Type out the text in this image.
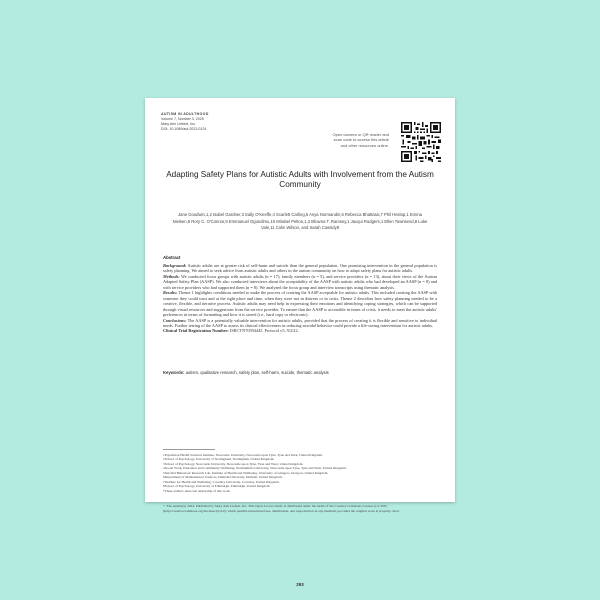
AUTISM IN ADULTHOOD
Volume 7, Number 3, 2025
Mary Ann Liebert, Inc.
DOI: 10.1089/aut.2023.0124
Open camera or QR reader and scan code to access this article and other resources online.
Adapting Safety Plans for Autistic Adults with Involvement from the Autism Community
Jane Goodwin,1,2 Isabel Gardner,3 Sally O'Keeffe,4 Scarlett Carling,5 Anya Normandin,6 Rebecca Bhattarai,7 Phil Heslop,1 Emma Nielsen,8 Rory C. O'Connor,9 Emmanuel Ogundimu,10 Mirabel Pelton,1,3 Bhavna T. Ramsey,1 Jacqui Rodgers,1 Ellen Townsend,8 Luke Vale,11 Colin Wilson, and Sarah Cassidy8
Abstract

Background: Autistic adults are at greater risk of self-harm and suicide than the general population. One promising intervention in the general population is safety planning. We aimed to seek advice from autistic adults and others in the autism community on how to adapt safety plans for autistic adults.

Methods: We conducted focus groups with autistic adults (n = 17), family members (n = 5), and service providers (n = 13), about their views of the Autism Adapted Safety Plan (AASP). We also conducted interviews about the acceptability of the AASP with autistic adults who had developed an AASP (n = 8) and with service providers who had supported them (n = 8). We analyzed the focus group and interview transcripts using thematic analysis.

Results: Theme 1 highlights conditions needed to make the process of creating the AASP acceptable for autistic adults. This included creating the AASP with someone they could trust and at the right place and time, when they were not in distress or in crisis. Theme 2 describes how safety planning needed to be a creative, flexible, and iterative process. Autistic adults may need help in expressing their emotions and identifying coping strategies, which can be supported through visual resources and suggestions from the service provider. To ensure that the AASP is accessible in times of crisis, it needs to meet the autistic adults' preferences in terms of formatting and how it is stored (i.e., hard copy or electronic).

Conclusions: The AASP is a potentially valuable intervention for autistic adults, provided that the process of creating it is flexible and sensitive to individual needs. Further testing of the AASP to assess its clinical effectiveness in reducing suicidal behavior could provide a life-saving intervention for autistic adults.

Clinical Trial Registration Number: ISRCTN70594445. Protocol v5, 9/2/22.

Keywords: autism, qualitative research, safety plan, self-harm, suicide, thematic analysis
1Population Health Sciences Institute, Newcastle University, Newcastle upon Tyne, Tyne and Wear, United Kingdom.
2School of Psychology, University of Nottingham, Nottingham, United Kingdom.
3School of Psychology, Newcastle University, Newcastle upon Tyne, Tyne and Wear, United Kingdom.
4Social Work, Education and Community Wellbeing, Northumbria University, Newcastle upon Tyne, Tyne and Wear, United Kingdom.
5Suicidal Behaviour Research Lab, Institute of Health and Wellbeing, University of Glasgow, Glasgow, United Kingdom.
6Department of Mathematical Sciences, Durham University, Durham, United Kingdom.
7Institute for Health and Wellbeing, Coventry University, Coventry, United Kingdom.
8School of Psychology, University of Edinburgh, Edinburgh, United Kingdom.
*These authors share last authorship of this work.
© The Author(s) 2024. Published by Mary Ann Liebert, Inc. This Open Access article is distributed under the terms of the Creative Commons License (CC-BY) (http://creativecommons.org/licenses/by/4.0), which permits unrestricted use, distribution, and reproduction in any medium, provided the original work is properly cited.
293
